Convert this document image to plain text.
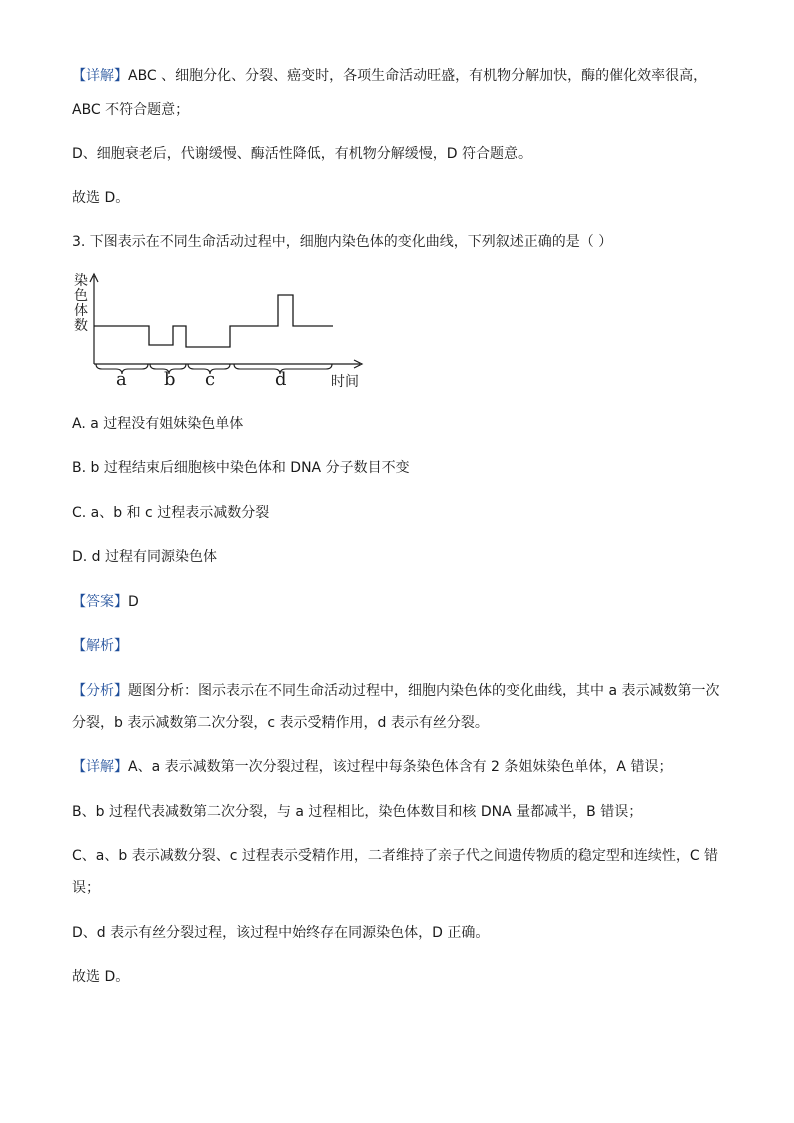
【详解】ABC 、细胞分化、分裂、癌变时，各项生命活动旺盛，有机物分解加快，酶的催化效率很高，
ABC 不符合题意；
D、细胞衰老后，代谢缓慢、酶活性降低，有机物分解缓慢，D 符合题意。
故选 D。
3. 下图表示在不同生命活动过程中，细胞内染色体的变化曲线，下列叙述正确的是（ ）
染色体数
a b c	d	时间
A. a 过程没有姐妹染色单体
B. b 过程结束后细胞核中染色体和 DNA 分子数目不变
C. a、b 和 c 过程表示减数分裂
D. d 过程有同源染色体
【答案】D
【解析】
【分析】题图分析：图示表示在不同生命活动过程中，细胞内染色体的变化曲线，其中 a 表示减数第一次
分裂，b 表示减数第二次分裂，c 表示受精作用，d 表示有丝分裂。
【详解】A、a 表示减数第一次分裂过程，该过程中每条染色体含有 2 条姐妹染色单体，A 错误；
B、b 过程代表减数第二次分裂，与 a 过程相比，染色体数目和核 DNA 量都减半，B 错误；
C、a、b 表示减数分裂、c 过程表示受精作用，二者维持了亲子代之间遗传物质的稳定型和连续性，C 错
误；
D、d 表示有丝分裂过程，该过程中始终存在同源染色体，D 正确。
故选 D。
